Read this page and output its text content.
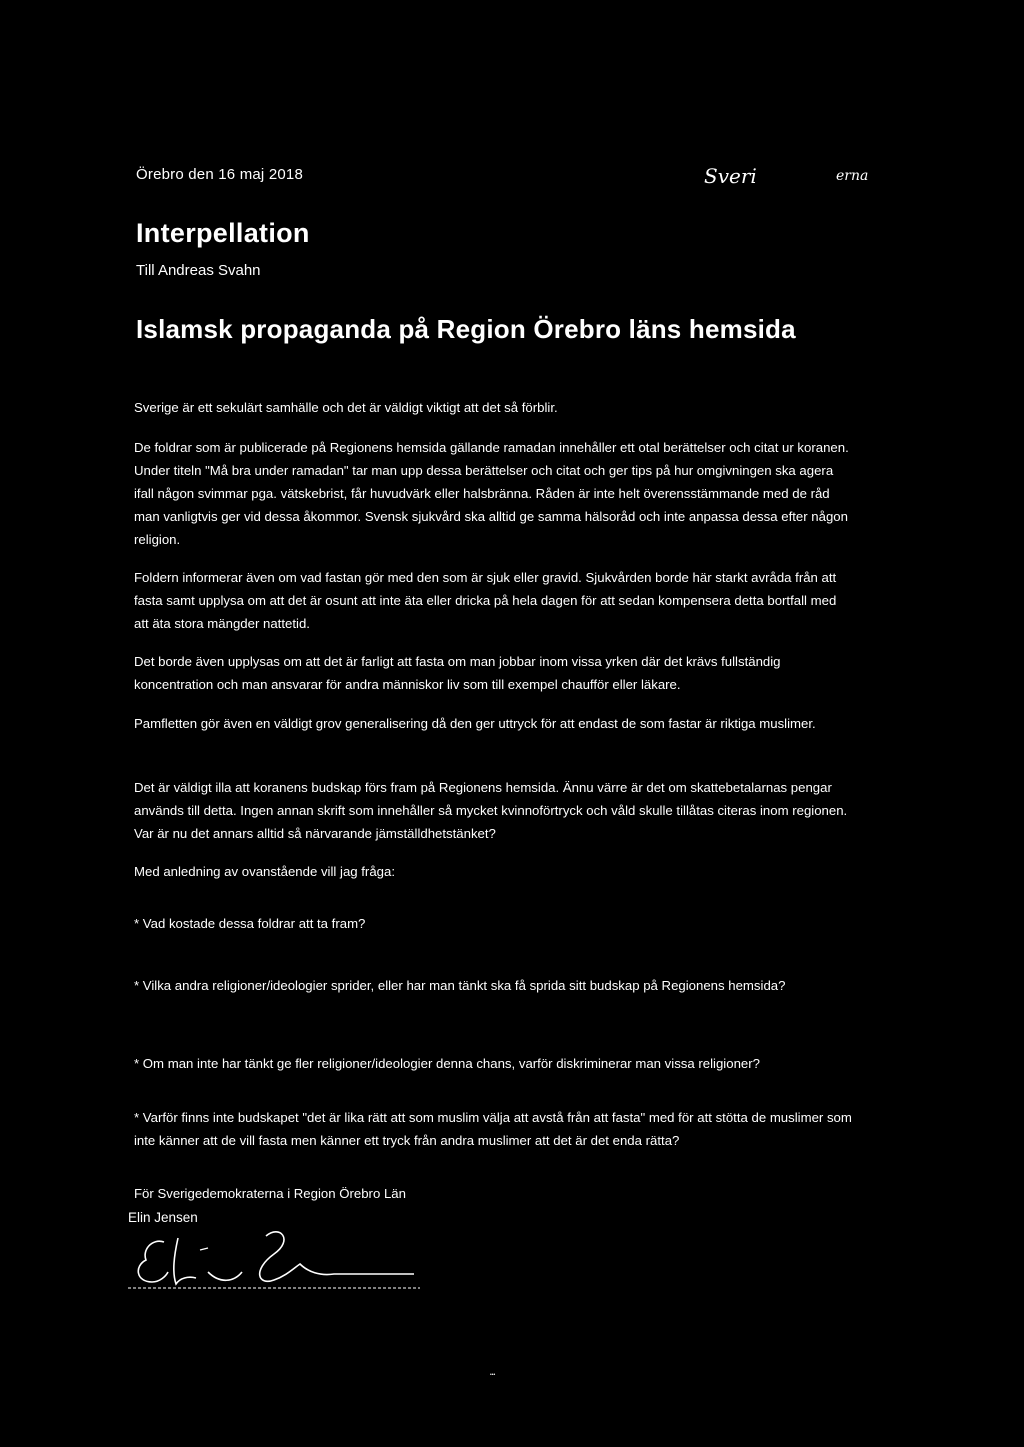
Örebro den 16 maj 2018	Sveri	erna
Interpellation
Till Andreas Svahn
Islamsk propaganda på Region Örebro läns hemsida

Sverige är ett sekulärt samhälle och det är väldigt viktigt att det så förblir.

De foldrar som är publicerade på Regionens hemsida gällande ramadan innehåller ett otal berättelser och citat ur koranen. Under titeln "Må bra under ramadan" tar man upp dessa berättelser och citat och ger tips på hur omgivningen ska agera ifall någon svimmar pga. vätskebrist, får huvudvärk eller halsbränna. Råden är inte helt överensstämmande med de råd man vanligtvis ger vid dessa åkommor. Svensk sjukvård ska alltid ge samma hälsoråd och inte anpassa dessa efter någon religion.

Foldern informerar även om vad fastan gör med den som är sjuk eller gravid. Sjukvården borde här starkt avråda från att fasta samt upplysa om att det är osunt att inte äta eller dricka på hela dagen för att sedan kompensera detta bortfall med att äta stora mängder nattetid.

Det borde även upplysas om att det är farligt att fasta om man jobbar inom vissa yrken där det krävs fullständig koncentration och man ansvarar för andra människor liv som till exempel chaufför eller läkare.

Pamfletten gör även en väldigt grov generalisering då den ger uttryck för att endast de som fastar är riktiga muslimer.

Det är väldigt illa att koranens budskap förs fram på Regionens hemsida. Ännu värre är det om skattebetalarnas pengar används till detta. Ingen annan skrift som innehåller så mycket kvinnoförtryck och våld skulle tillåtas citeras inom regionen. Var är nu det annars alltid så närvarande jämställdhetstänket?

Med anledning av ovanstående vill jag fråga:

* Vad kostade dessa foldrar att ta fram?

* Vilka andra religioner/ideologier sprider, eller har man tänkt ska få sprida sitt budskap på Regionens hemsida?

* Om man inte har tänkt ge fler religioner/ideologier denna chans, varför diskriminerar man vissa religioner?

* Varför finns inte budskapet "det är lika rätt att som muslim välja att avstå från att fasta" med för att stötta de muslimer som inte känner att de vill fasta men känner ett tryck från andra muslimer att det är det enda rätta?

För Sverigedemokraterna i Region Örebro Län

Elin Jensen
•••
